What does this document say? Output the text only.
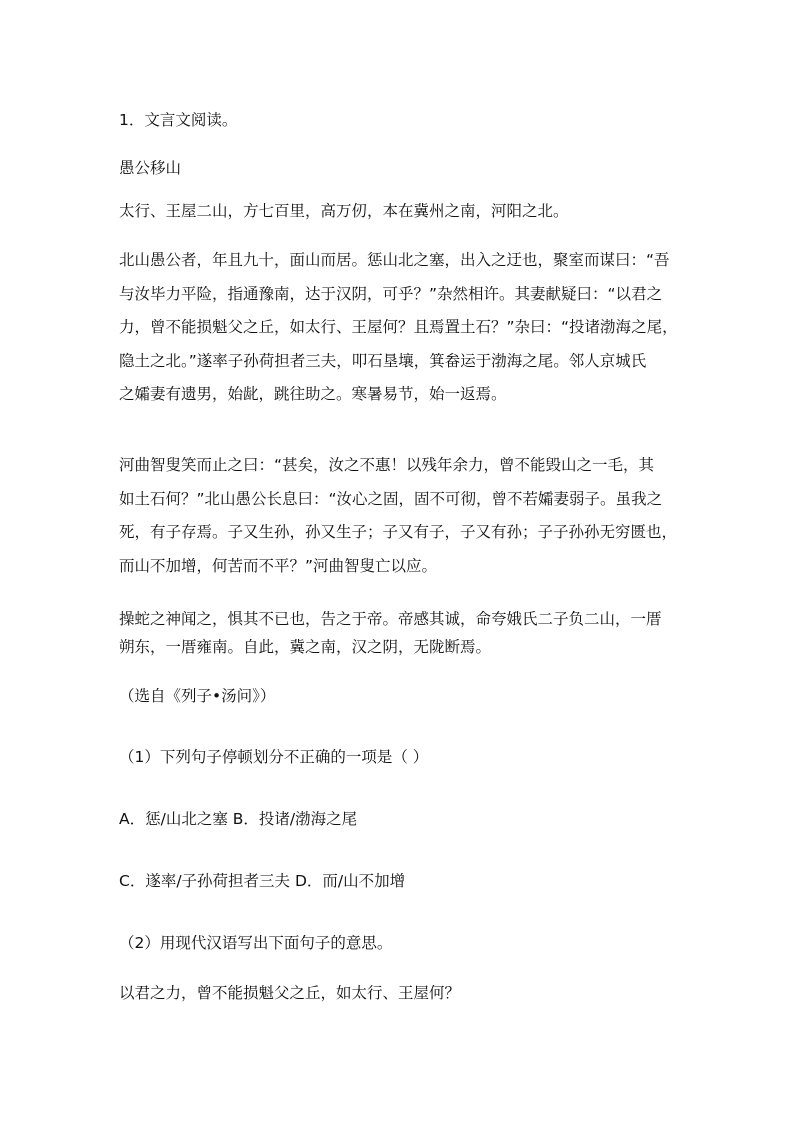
1．文言文阅读。
愚公移山
太行、王屋二山，方七百里，高万仞，本在冀州之南，河阳之北。
北山愚公者，年且九十，面山而居。惩山北之塞，出入之迂也，聚室而谋曰：“吾
与汝毕力平险，指通豫南，达于汉阴，可乎？”杂然相许。其妻献疑曰：“以君之
力，曾不能损魁父之丘，如太行、王屋何？且焉置土石？”杂曰：“投诸渤海之尾，
隐土之北。”遂率子孙荷担者三夫，叩石垦壤，箕畚运于渤海之尾。邻人京城氏
之孀妻有遗男，始龀，跳往助之。寒暑易节，始一返焉。
河曲智叟笑而止之曰：“甚矣，汝之不惠！以残年余力，曾不能毁山之一毛，其
如土石何？”北山愚公长息曰：“汝心之固，固不可彻，曾不若孀妻弱子。虽我之
死，有子存焉。子又生孙，孙又生子；子又有子，子又有孙；子子孙孙无穷匮也，
而山不加增，何苦而不平？”河曲智叟亡以应。
操蛇之神闻之，惧其不已也，告之于帝。帝感其诚，命夸娥氏二子负二山，一厝
朔东，一厝雍南。自此，冀之南，汉之阴，无陇断焉。
（选自《列子•汤问》）
（1）下列句子停顿划分不正确的一项是（ ）
A．惩/山北之塞 B．投诸/渤海之尾
C．遂率/子孙荷担者三夫 D．而/山不加增
（2）用现代汉语写出下面句子的意思。
以君之力，曾不能损魁父之丘，如太行、王屋何？
